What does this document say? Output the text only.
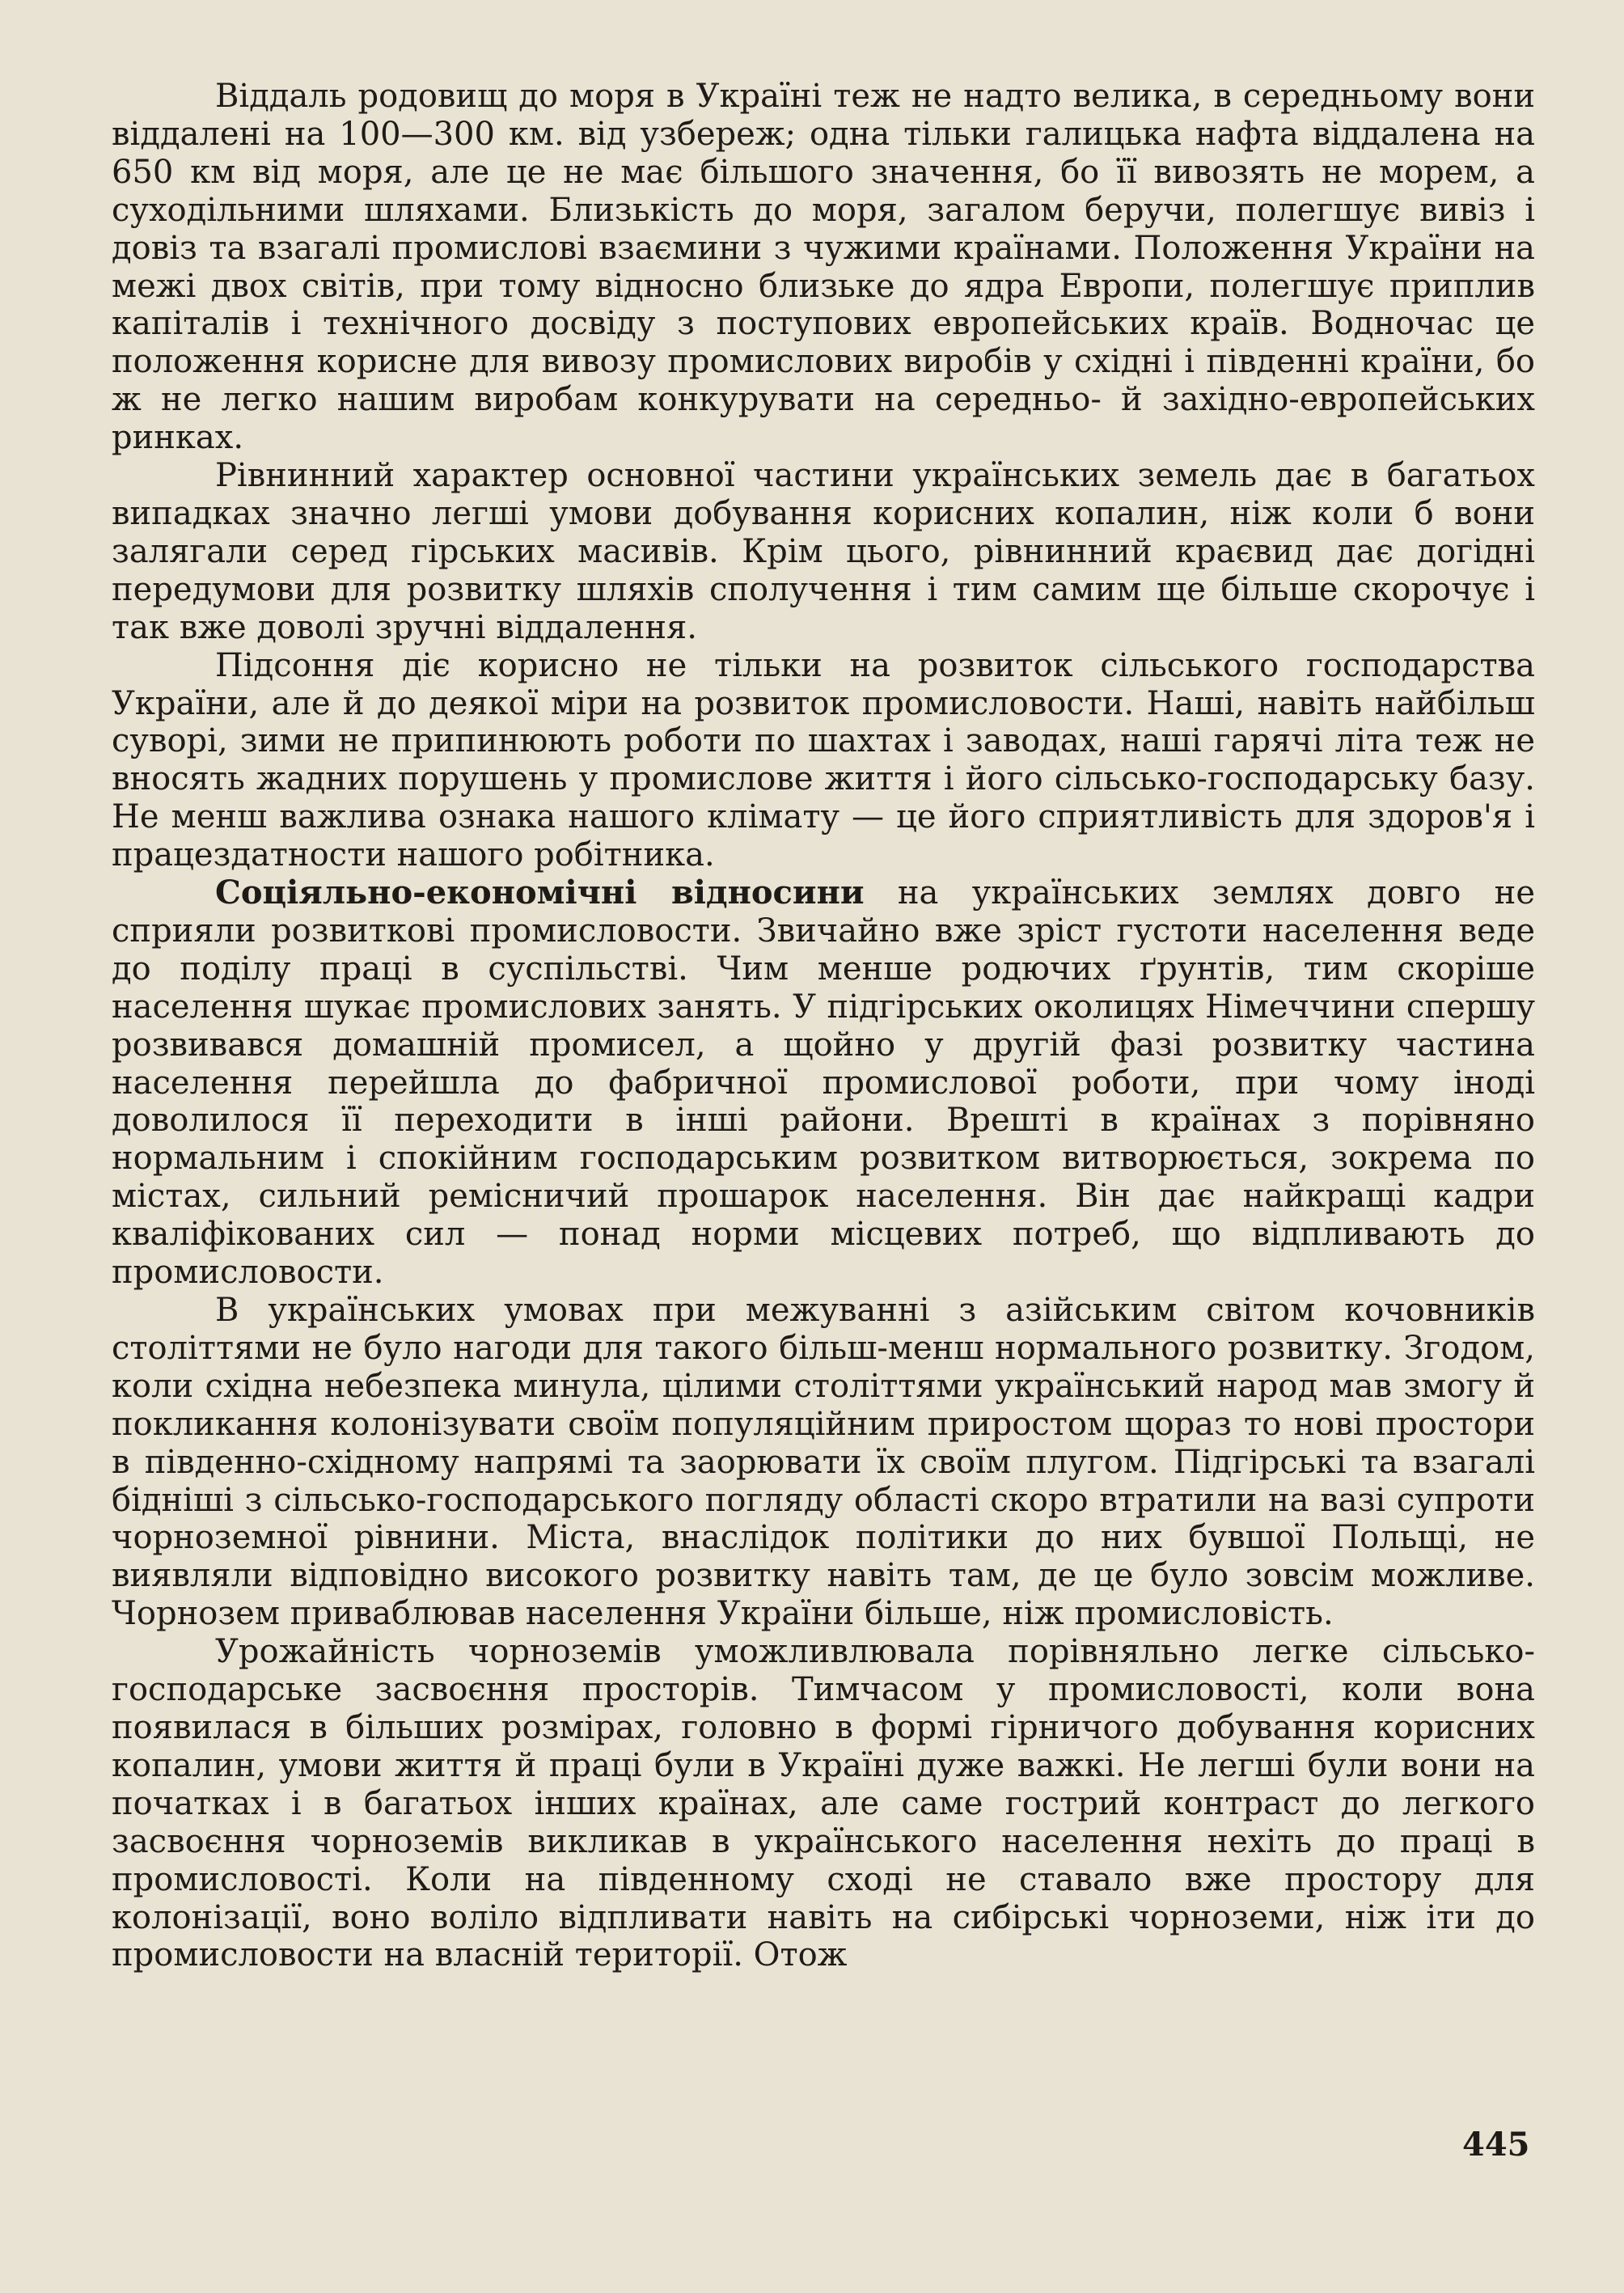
Віддаль родовищ до моря в Україні теж не надто велика, в середньому вони віддалені на 100—300 км. від узбереж; одна тільки галицька нафта віддалена на 650 км від моря, але це не має більшого значення, бо її вивозять не морем, а суходільними шляхами. Близькість до моря, загалом беручи, полегшує вивіз і довіз та взагалі промислові взаємини з чужими країнами. Положення України на межі двох світів, при тому відносно близьке до ядра Европи, полегшує приплив капіталів і технічного досвіду з поступових европейських країв. Водночас це положення корисне для вивозу промислових виробів у східні і південні країни, бо ж не легко нашим виробам конкурувати на середньо- й західно-европейських ринках.

Рівнинний характер основної частини українських земель дає в багатьох випадках значно легші умови добування корисних копалин, ніж коли б вони залягали серед гірських масивів. Крім цього, рівнинний краєвид дає догідні передумови для розвитку шляхів сполучення і тим самим ще більше скорочує і так вже доволі зручні віддалення.

Підсоння діє корисно не тільки на розвиток сільського господарства України, але й до деякої міри на розвиток промисловости. Наші, навіть найбільш суворі, зими не припинюють роботи по шахтах і заводах, наші гарячі літа теж не вносять жадних порушень у промислове життя і його сільсько-господарську базу. Не менш важлива ознака нашого клімату — це його сприятливість для здоров'я і працездатности нашого робітника.

Соціяльно-економічні відносини на українських землях довго не сприяли розвиткові промисловости. Звичайно вже зріст густоти населення веде до поділу праці в суспільстві. Чим менше родючих ґрунтів, тим скоріше населення шукає промислових занять. У підгірських околицях Німеччини спершу розвивався домашній промисел, а щойно у другій фазі розвитку частина населення перейшла до фабричної промислової роботи, при чому іноді доволилося її переходити в інші райони. Врешті в країнах з порівняно нормальним і спокійним господарським розвитком витворюється, зокрема по містах, сильний ремісничий прошарок населення. Він дає найкращі кадри кваліфікованих сил — понад норми місцевих потреб, що відпливають до промисловости.

В українських умовах при межуванні з азійським світом кочовників століттями не було нагоди для такого більш-менш нормального розвитку. Згодом, коли східна небезпека минула, цілими століттями український народ мав змогу й покликання колонізувати своїм популяційним приростом щораз то нові простори в південно-східному напрямі та заорювати їх своїм плугом. Підгірські та взагалі бідніші з сільсько-господарського погляду області скоро втратили на вазі супроти чорноземної рівнини. Міста, внаслідок політики до них бувшої Польщі, не виявляли відповідно високого розвитку навіть там, де це було зовсім можливе. Чорнозем приваблював населення України більше, ніж промисловість.

Урожайність чорноземів уможливлювала порівняльно легке сільсько-господарське засвоєння просторів. Тимчасом у промисловості, коли вона появилася в більших розмірах, головно в формі гірничого добування корисних копалин, умови життя й праці були в Україні дуже важкі. Не легші були вони на початках і в багатьох інших країнах, але саме гострий контраст до легкого засвоєння чорноземів викликав в українського населення нехіть до праці в промисловості. Коли на південному сході не ставало вже простору для колонізації, воно воліло відпливати навіть на сибірські чорноземи, ніж іти до промисловости на власній території. Отож

445
